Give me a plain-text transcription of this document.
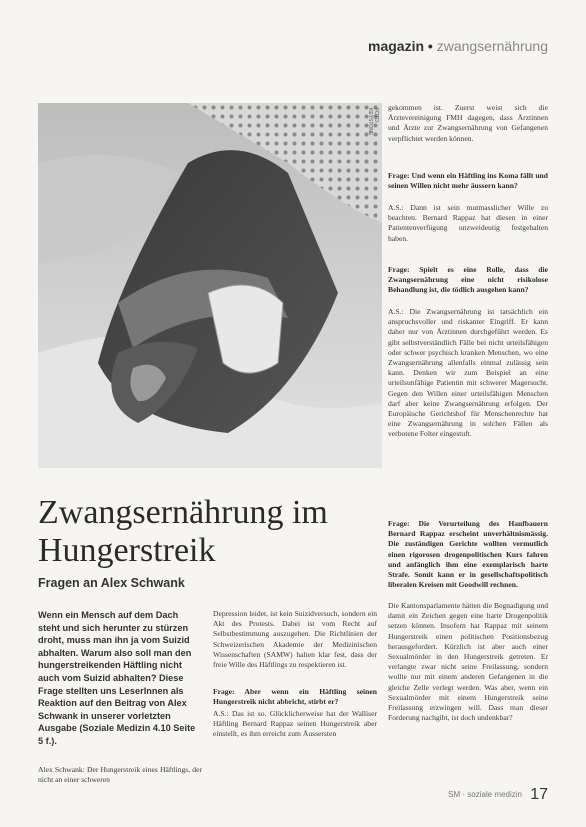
magazin • zwangsernährung
FOTO: KEYSTONE
Zwangsernährung im Hungerstreik
Fragen an Alex Schwank

Wenn ein Mensch auf dem Dach steht und sich herunter zu stürzen droht, muss man ihn ja vom Suizid abhalten. Warum also soll man den hungerstreikenden Häftling nicht auch vom Suizid abhalten? Diese Frage stellten uns LeserInnen als Reaktion auf den Beitrag von Alex Schwank in unserer vorletzten Ausgabe (Soziale Medizin 4.10 Seite 5 f.).

Alex Schwank: Der Hungerstreik eines Häftlings, der nicht an einer schweren

Depression leidet, ist kein Suizidversuch, sondern ein Akt des Protests. Dabei ist vom Recht auf Selbstbestimmung auszugehen. Die Richtlinien der Schweizerischen Akademie der Medizinischen Wissenschaften (SAMW) halten klar fest, dass der freie Wille des Häftlings zu respektieren ist.

Frage: Aber wenn ein Häftling seinen Hungerstreik nicht abbricht, stirbt er?

A.S.: Das ist so. Glücklicherweise hat der Walliser Häftling Bernard Rappaz seinen Hungerstreik aber einstellt, es ihm erreicht zum Äussersten

gekommen ist. Zuerst weist sich die Ärztevereinigung FMH dagegen, dass Ärztinnen und Ärzte zur Zwangsernährung von Gefangenen verpflichtet werden können.

Frage: Und wenn ein Häftling ins Koma fällt und seinen Willen nicht mehr äussern kann?

A.S.: Dann ist sein mutmasslicher Wille zu beachten. Bernard Rappaz hat diesen in einer Patientenverfügung unzweideutig festgehalten haben.

Frage: Spielt es eine Rolle, dass die Zwangsernährung eine nicht risikolose Behandlung ist, die tödlich ausgehen kann?

A.S.: Die Zwangsernährung ist tatsächlich ein anspruchsvoller und riskanter Eingriff. Er kann daher nur von Ärztinnen durchgeführt werden. Es gibt selbstverständlich Fälle bei nicht urteilsfähigen oder schwer psychisch kranken Menschen, wo eine Zwangsernährung allenfalls einmal zulässig sein kann. Denken wir zum Beispiel an eine urteilsunfähige Patientin mit schwerer Magersucht. Gegen den Willen einer urteilsfähigen Menschen darf aber keine Zwangsernährung erfolgen. Der Europäische Gerichtshof für Menschenrechte hat eine Zwangsernährung in solchen Fällen als verbotene Folter eingestuft.

Frage: Die Verurteilung des Hanfbauern Bernard Rappaz erscheint unverhältnismässig. Die zuständigen Gerichte wollten vermutlich einen rigorosen drogenpolitischen Kurs fahren und anfänglich ihm eine exemplarisch harte Strafe. Somit kann er in gesellschaftspolitisch liberalen Kreisen mit Goodwill rechnen.

Die Kantonsparlamente hätten die Begnadigung und damit ein Zeichen gegen eine harte Drogenpolitik setzen können. Insofern hat Rappaz mit seinem Hungerstreik einen politischen Positionsbezug herausgefordert. Kürzlich ist aber auch einer Sexualmörder in den Hungerstreik getreten. Er verlangte zwar nicht seine Freilassung, sondern wollte nur mit einem anderen Gefangenen in die gleiche Zelle verlegt werden. Was aber, wenn ein Sexualmörder mit einem Hungerstreik seine Freilassung erzwingen will. Dass man dieser Forderung nachgibt, ist doch undenkbar?

SM · soziale medizin 17
